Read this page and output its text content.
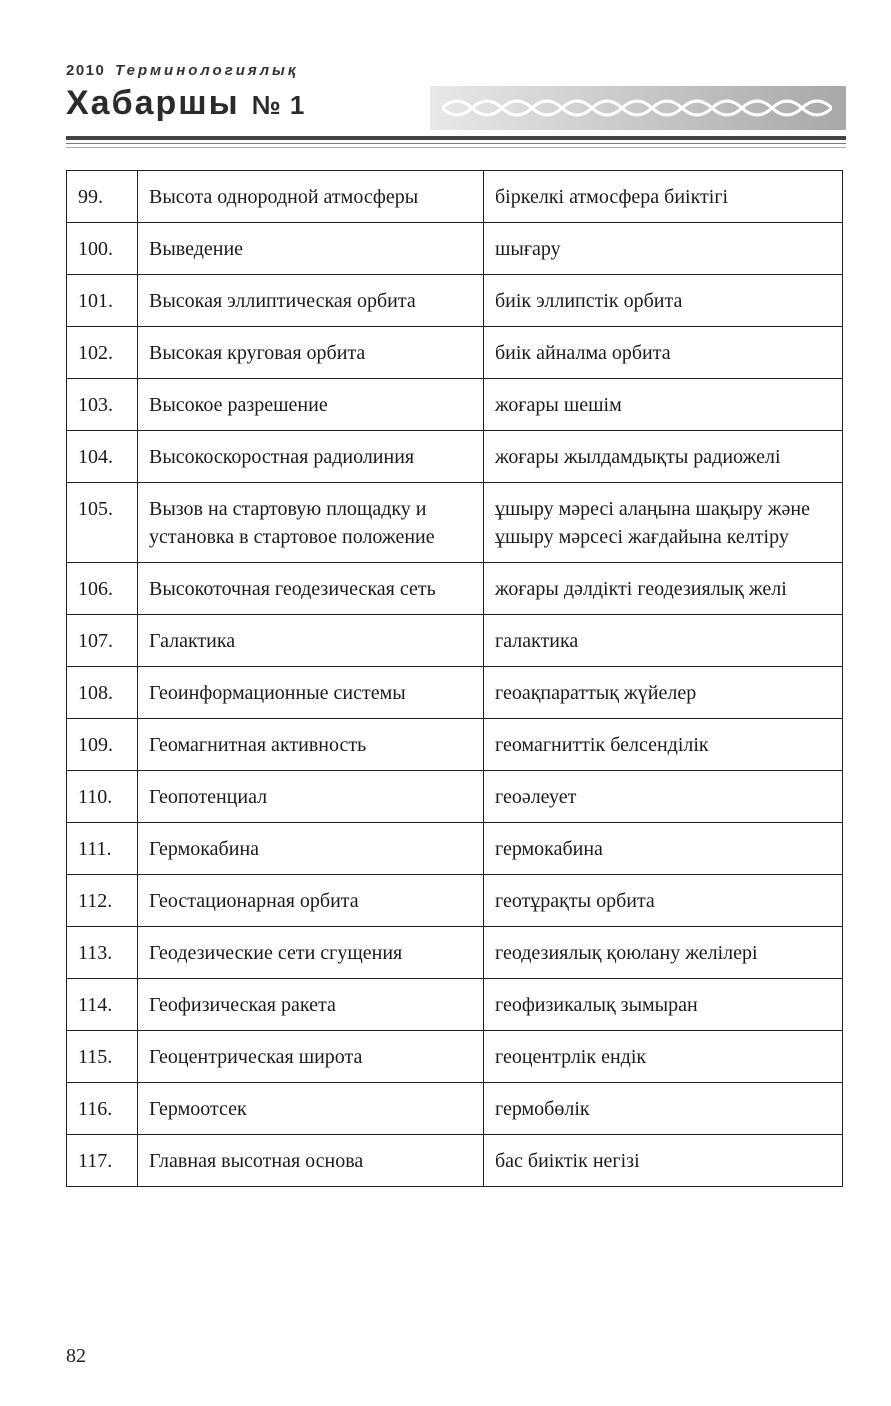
2010 Терминологиялық
Хабаршы № 1
99.	Высота однородной атмосферы	біркелкі атмосфера биіктігі
100.	Выведение	шығару
101.	Высокая эллиптическая орбита	биік эллипстік орбита
102.	Высокая круговая орбита	биік айналма орбита
103.	Высокое разрешение	жоғары шешім
104.	Высокоскоростная радиолиния	жоғары жылдамдықты радиожелі
105.	Вызов на стартовую площадку и установка в стартовое положение	ұшыру мәресі алаңына шақыру және ұшыру мәрсесі жағдайына келтіру
106.	Высокоточная геодезическая сеть	жоғары дәлдікті геодезиялық желі
107.	Галактика	галактика
108.	Геоинформационные системы	геоақпараттық жүйелер
109.	Геомагнитная активность	геомагниттік белсенділік
110.	Геопотенциал	геоәлеует
111.	Гермокабина	гермокабина
112.	Геостационарная орбита	геотұрақты орбита
113.	Геодезические сети сгущения	геодезиялық қоюлану желілері
114.	Геофизическая ракета	геофизикалық зымыран
115.	Геоцентрическая широта	геоцентрлік ендік
116.	Гермоотсек	гермобөлік
117.	Главная высотная основа	бас биіктік негізі
82
